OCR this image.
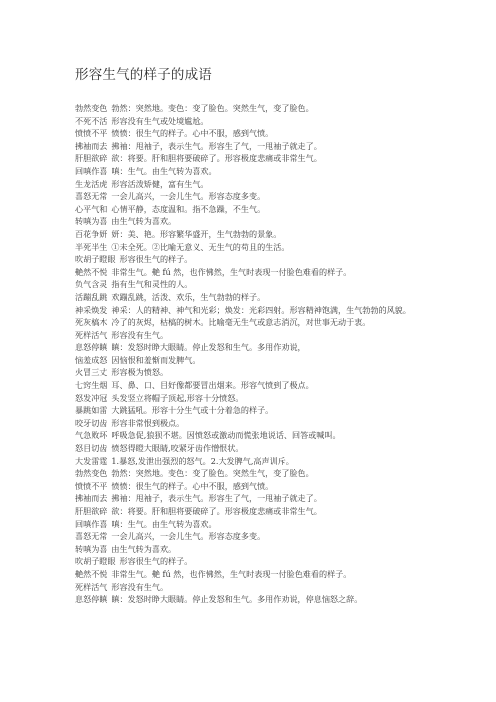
形容生气的样子的成语
勃然变色 勃然：突然地。变色：变了脸色。突然生气，变了脸色。
不死不活 形容没有生气或处境尴尬。
愤愤不平 愤愤：很生气的样子。心中不服，感到气愤。
拂袖而去 拂袖：甩袖子，表示生气。形容生了气，一甩袖子就走了。
肝胆欲碎 欲：将要。肝和胆将要破碎了。形容极度悲痛或非常生气。
回嗔作喜 嗔：生气。由生气转为喜欢。
生龙活虎 形容活泼矫健，富有生气。
喜怒无常 一会儿高兴，一会儿生气。形容态度多变。
心平气和 心情平静，态度温和。指不急躁，不生气。
转嗔为喜 由生气转为喜欢。
百花争妍 妍：美、艳。形容繁华盛开，生气勃勃的景象。
半死半生 ①未全死。②比喻无意义、无生气的苟且的生活。
吹胡子瞪眼 形容很生气的样子。
艴然不悦 非常生气。艴 fú 然，也作怫然，生气时表现一付脸色难看的样子。
负气含灵 指有生气和灵性的人。
活蹦乱跳 欢蹦乱跳，活泼、欢乐，生气勃勃的样子。
神采焕发 神采：人的精神、神气和光彩；焕发：光彩四射。形容精神饱满，生气勃勃的风貌。
死灰槁木 冷了的灰烬，枯槁的树木。比喻毫无生气或意志消沉，对世事无动于衷。
死样活气 形容没有生气。
息怒停瞋 瞋：发怒时睁大眼睛。停止发怒和生气。多用作劝说，
恼羞成怒 因恼恨和羞惭而发脾气。
火冒三丈 形容极为愤怒。
七窍生烟 耳、鼻、口、目好像都要冒出烟来。形容气愤到了极点。
怒发冲冠 头发竖立将帽子顶起,形容十分愤怒。
暴跳如雷 大跳猛吼。形容十分生气或十分着急的样子。
咬牙切齿 形容非常恨到极点。
气急败坏 呼吸急促,狼狈不堪。因愤怒或激动而慌张地说话、回答或喊叫。
怒目切齿 愤怒得瞪大眼睛,咬紧牙齿作憎恨状。
大发雷霆 1.暴怒,发泄出强烈的怒气。2.大发脾气,高声训斥。
勃然变色 勃然：突然地。变色：变了脸色。突然生气，变了脸色。
愤愤不平 愤愤：很生气的样子。心中不服，感到气愤。
拂袖而去 拂袖：甩袖子，表示生气。形容生了气，一甩袖子就走了。
肝胆欲碎 欲：将要。肝和胆将要破碎了。形容极度悲痛或非常生气。
回嗔作喜 嗔：生气。由生气转为喜欢。
喜怒无常 一会儿高兴，一会儿生气。形容态度多变。
转嗔为喜 由生气转为喜欢。
吹胡子瞪眼 形容很生气的样子。
艴然不悦 非常生气。艴 fú 然，也作怫然，生气时表现一付脸色难看的样子。
死样活气 形容没有生气。
息怒停瞋 瞋：发怒时睁大眼睛。停止发怒和生气。多用作劝说，停息恼怒之辞。
